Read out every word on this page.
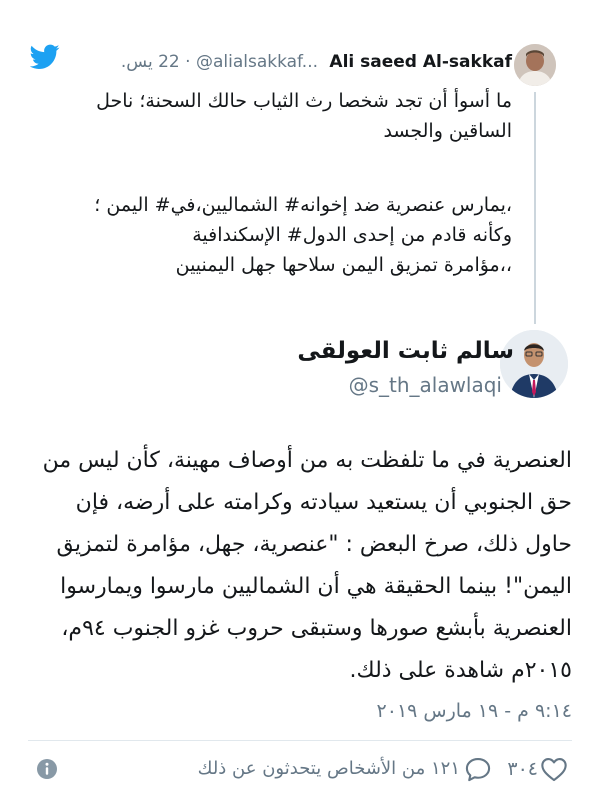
Ali saeed Al-sakkaf @alialsakkaf... · 22 يس.

ما أسوأ أن تجد شخصا رث الثياب حالك السحنة؛ ناحل الساقين والجسد

،يمارس عنصرية ضد إخوانه# الشماليين،في# اليمن ؛

وكأنه قادم من إحدى الدول# الإسكندافية

،،مؤامرة تمزيق اليمن سلاحها جهل اليمنيين

سالم ثابت العولقى
@s_th_alawlaqi
العنصرية في ما تلفظت به من أوصاف مهينة، كأن ليس من حق الجنوبي أن يستعيد سيادته وكرامته على أرضه، فإن حاول ذلك، صرخ البعض : "عنصرية، جهل، مؤامرة لتمزيق اليمن"! بينما الحقيقة هي أن الشماليين مارسوا ويمارسوا العنصرية بأبشع صورها وستبقى حروب غزو الجنوب ٩٤م، ٢٠١٥م شاهدة على ذلك.
٩:١٤ م - ١٩ مارس ٢٠١٩
٣٠٤
١٢١ من الأشخاص يتحدثون عن ذلك
